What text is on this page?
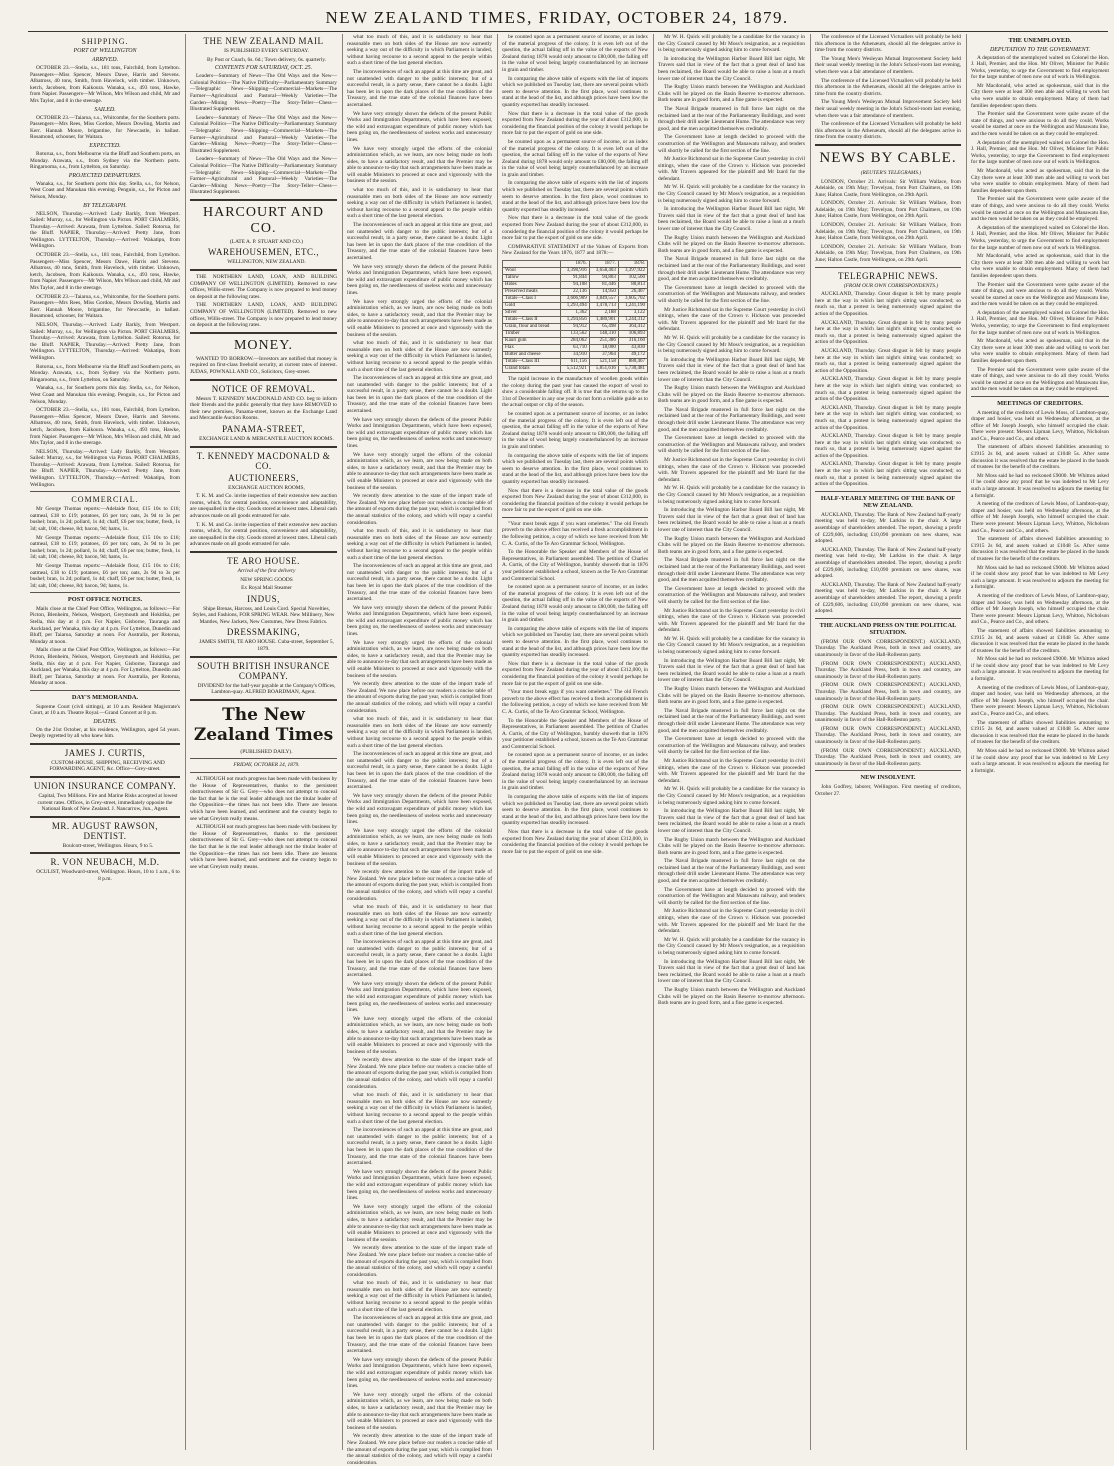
NEW ZEALAND TIMES, FRIDAY, OCTOBER 24, 1879.
SHIPPING.
PORT OF WELLINGTON
ARRIVED.

OCTOBER 23.—Stella, s.s., 181 tons, Fairchild, from Lyttelton. Passengers—Miss Spencer, Messrs Dawe, Harris and Stevens. Albatross, 40 tons, Smith, from Havelock, with timber. Unknown, ketch, Jacobsen, from Kaikoura. Wanaka, s.s., 493 tons, Hawke, from Napier. Passengers—Mr Wilson, Mrs Wilson and child, Mr and Mrs Taylor, and 8 in the steerage.

SAILED.

OCTOBER 23.—Taiaroa, s.s., Whitcombe, for the Southern ports. Passengers—Mrs Rees, Miss Gordon, Messrs Dowling, Martin and Kerr. Hannah Moore, brigantine, for Newcastle, in ballast. Rosamond, schooner, for Waitara.

EXPECTED.

Rotorua, s.s., from Melbourne via the Bluff and Southern ports, on Monday. Arawata, s.s., from Sydney via the Northern ports. Ringarooma, s.s., from Lyttelton, on Saturday.

PROJECTED DEPARTURES.

Wanaka, s.s., for Southern ports this day. Stella, s.s., for Nelson, West Coast and Manukau this evening. Penguin, s.s., for Picton and Nelson, Monday.

BY TELEGRAPH.

NELSON, Thursday.—Arrived: Lady Barkly, from Westport. Sailed: Murray, s.s., for Wellington via Picton. PORT CHALMERS, Thursday.—Arrived: Arawata, from Lyttelton. Sailed: Rotorua, for the Bluff. NAPIER, Thursday.—Arrived: Pretty Jane, from Wellington. LYTTELTON, Thursday.—Arrived: Wakatipu, from Wellington.

OCTOBER 23.—Stella, s.s., 181 tons, Fairchild, from Lyttelton. Passengers—Miss Spencer, Messrs Dawe, Harris and Stevens. Albatross, 40 tons, Smith, from Havelock, with timber. Unknown, ketch, Jacobsen, from Kaikoura. Wanaka, s.s., 493 tons, Hawke, from Napier. Passengers—Mr Wilson, Mrs Wilson and child, Mr and Mrs Taylor, and 8 in the steerage.

OCTOBER 23.—Taiaroa, s.s., Whitcombe, for the Southern ports. Passengers—Mrs Rees, Miss Gordon, Messrs Dowling, Martin and Kerr. Hannah Moore, brigantine, for Newcastle, in ballast. Rosamond, schooner, for Waitara.

NELSON, Thursday.—Arrived: Lady Barkly, from Westport. Sailed: Murray, s.s., for Wellington via Picton. PORT CHALMERS, Thursday.—Arrived: Arawata, from Lyttelton. Sailed: Rotorua, for the Bluff. NAPIER, Thursday.—Arrived: Pretty Jane, from Wellington. LYTTELTON, Thursday.—Arrived: Wakatipu, from Wellington.

Rotorua, s.s., from Melbourne via the Bluff and Southern ports, on Monday. Arawata, s.s., from Sydney via the Northern ports. Ringarooma, s.s., from Lyttelton, on Saturday.

Wanaka, s.s., for Southern ports this day. Stella, s.s., for Nelson, West Coast and Manukau this evening. Penguin, s.s., for Picton and Nelson, Monday.

OCTOBER 23.—Stella, s.s., 181 tons, Fairchild, from Lyttelton. Passengers—Miss Spencer, Messrs Dawe, Harris and Stevens. Albatross, 40 tons, Smith, from Havelock, with timber. Unknown, ketch, Jacobsen, from Kaikoura. Wanaka, s.s., 493 tons, Hawke, from Napier. Passengers—Mr Wilson, Mrs Wilson and child, Mr and Mrs Taylor, and 8 in the steerage.

NELSON, Thursday.—Arrived: Lady Barkly, from Westport. Sailed: Murray, s.s., for Wellington via Picton. PORT CHALMERS, Thursday.—Arrived: Arawata, from Lyttelton. Sailed: Rotorua, for the Bluff. NAPIER, Thursday.—Arrived: Pretty Jane, from Wellington. LYTTELTON, Thursday.—Arrived: Wakatipu, from Wellington.

COMMERCIAL.

Mr George Thomas reports:—Adelaide flour, £15 10s to £16; oatmeal, £18 to £19; potatoes, £6 per ton; oats, 2s 9d to 3s per bushel; bran, 1s 2d; pollard, 1s 4d; chaff, £6 per ton; butter, fresh, 1s 3d; salt, 10d; cheese, 8d; bacon, 9d; hams, 1s.

Mr George Thomas reports:—Adelaide flour, £15 10s to £16; oatmeal, £18 to £19; potatoes, £6 per ton; oats, 2s 9d to 3s per bushel; bran, 1s 2d; pollard, 1s 4d; chaff, £6 per ton; butter, fresh, 1s 3d; salt, 10d; cheese, 8d; bacon, 9d; hams, 1s.

Mr George Thomas reports:—Adelaide flour, £15 10s to £16; oatmeal, £18 to £19; potatoes, £6 per ton; oats, 2s 9d to 3s per bushel; bran, 1s 2d; pollard, 1s 4d; chaff, £6 per ton; butter, fresh, 1s 3d; salt, 10d; cheese, 8d; bacon, 9d; hams, 1s.

POST OFFICE NOTICES.

Mails close at the Chief Post Office, Wellington, as follows:—For Picton, Blenheim, Nelson, Westport, Greymouth and Hokitika, per Stella, this day at 4 p.m. For Napier, Gisborne, Tauranga and Auckland, per Wanaka, this day at 4 p.m. For Lyttelton, Dunedin and Bluff, per Taiaroa, Saturday at noon. For Australia, per Rotorua, Monday at noon.

Mails close at the Chief Post Office, Wellington, as follows:—For Picton, Blenheim, Nelson, Westport, Greymouth and Hokitika, per Stella, this day at 4 p.m. For Napier, Gisborne, Tauranga and Auckland, per Wanaka, this day at 4 p.m. For Lyttelton, Dunedin and Bluff, per Taiaroa, Saturday at noon. For Australia, per Rotorua, Monday at noon.

DAY'S MEMORANDA.

Supreme Court (civil sittings), at 10 a.m. Resident Magistrate's Court, at 10 a.m. Theatre Royal.—Grand Concert at 8 p.m.

DEATHS.

On the 21st October, at his residence, Wellington, aged 54 years. Deeply regretted by all who knew him.

JAMES J. CURTIS,

CUSTOM-HOUSE, SHIPPING, RECEIVING AND FORWARDING AGENT, &c. Office—Grey-street.

UNION INSURANCE COMPANY.

Capital, Two Millions. Fire and Marine Risks accepted at lowest current rates. Offices, in Grey-street, immediately opposite the National Bank of New Zealand. J. Nancarrow, Jun., Agent.

MR. AUGUST RAWSON, DENTIST.

Boulcott-street, Wellington. Hours, 9 to 5.

R. VON NEUBACH, M.D.

OCULIST, Woodward-street, Wellington. Hours, 10 to 1 a.m., 6 to 8 p.m.

THE NEW ZEALAND MAIL

IS PUBLISHED EVERY SATURDAY.

By Post or Coach, 6s. 6d.; Town delivery, 6s. quarterly.

CONTENTS FOR SATURDAY, OCT. 25.

Leaders—Summary of News—The Old Ways and the New—Colonial Politics—The Native Difficulty—Parliamentary Summary—Telegraphic News—Shipping—Commercial—Markets—The Farmer—Agricultural and Pastoral—Weekly Varieties—The Garden—Mining News—Poetry—The Story-Teller—Chess—Illustrated Supplement.

Leaders—Summary of News—The Old Ways and the New—Colonial Politics—The Native Difficulty—Parliamentary Summary—Telegraphic News—Shipping—Commercial—Markets—The Farmer—Agricultural and Pastoral—Weekly Varieties—The Garden—Mining News—Poetry—The Story-Teller—Chess—Illustrated Supplement.

Leaders—Summary of News—The Old Ways and the New—Colonial Politics—The Native Difficulty—Parliamentary Summary—Telegraphic News—Shipping—Commercial—Markets—The Farmer—Agricultural and Pastoral—Weekly Varieties—The Garden—Mining News—Poetry—The Story-Teller—Chess—Illustrated Supplement.

HARCOURT AND CO.

(LATE A. P. STUART AND CO.)

WAREHOUSEMEN, ETC.,

WELLINGTON, NEW ZEALAND.

THE NORTHERN LAND, LOAN, AND BUILDING COMPANY OF WELLINGTON (LIMITED). Removed to new offices, Willis-street. The Company is now prepared to lend money on deposit at the following rates.

THE NORTHERN LAND, LOAN, AND BUILDING COMPANY OF WELLINGTON (LIMITED). Removed to new offices, Willis-street. The Company is now prepared to lend money on deposit at the following rates.

MONEY.

WANTED TO BORROW.—Investors are notified that money is required on first-class freehold security, at current rates of interest. JUDAS, POWNALL AND CO., Solicitors, Grey-street.

NOTICE OF REMOVAL.

Messrs T. KENNEDY MACDONALD AND CO. beg to inform their friends and the public generally that they have REMOVED to their new premises, Panama-street, known as the Exchange Land and Mercantile Auction Rooms.

PANAMA-STREET,

EXCHANGE LAND & MERCANTILE AUCTION ROOMS.

T. KENNEDY MACDONALD & CO.
AUCTIONEERS,

EXCHANGE AUCTION ROOMS,

T. K. M. and Co. invite inspection of their extensive new auction rooms, which, for central position, convenience and adaptability, are unequalled in the city. Goods stored at lowest rates. Liberal cash advances made on all goods entrusted for sale.

T. K. M. and Co. invite inspection of their extensive new auction rooms, which, for central position, convenience and adaptability, are unequalled in the city. Goods stored at lowest rates. Liberal cash advances made on all goods entrusted for sale.

TE ARO HOUSE.

Arrival of the first delivery

NEW SPRING GOODS

Ex Royal Mail Steamer

INDUS,

Shipe Brenas, Harcoss, and Louis Cord. Special Novelties, Styles, and Fashions, FOR SPRING WEAR. New Millinery, New Mantles, New Jackets, New Costumes, New Dress Fabrics.

DRESSMAKING,

JAMES SMITH, TE ARO HOUSE. Cuba-street, September 5, 1879.

SOUTH BRITISH INSURANCE COMPANY.

DIVIDEND for the half-year payable at the Company's Offices, Lambton-quay. ALFRED BOARDMAN, Agent.

The New Zealand Times

(PUBLISHED DAILY).

FRIDAY, OCTOBER 24, 1879.

ALTHOUGH not much progress has been made with business by the House of Representatives, thanks to the persistent obstructiveness of Sir G. Grey—who does not attempt to conceal the fact that he is the real leader although not the titular leader of the Opposition—the times has not been idle. There are lessons which have been learned, and sentiment and the country begin to see what Greyism really means.

ALTHOUGH not much progress has been made with business by the House of Representatives, thanks to the persistent obstructiveness of Sir G. Grey—who does not attempt to conceal the fact that he is the real leader although not the titular leader of the Opposition—the times has not been idle. There are lessons which have been learned, and sentiment and the country begin to see what Greyism really means.

what too much of this, and it is satisfactory to hear that reasonable men on both sides of the House are now earnestly seeking a way out of the difficulty in which Parliament is landed, without having recourse to a second appeal to the people within such a short time of the last general election.

The inconveniences of such an appeal at this time are great, and not unattended with danger to the public interests; but of a successful result, in a party sense, there cannot be a doubt. Light has been let in upon the dark places of the true condition of the Treasury, and the true state of the colonial finances have been ascertained.

We have very strongly shown the defects of the present Public Works and Immigration Departments, which have been exposed, the wild and extravagant expenditure of public money which has been going on, the needlessness of useless works and unnecessary lines.

We have very strongly urged the efforts of the colonial administration which, as we learn, are now being made on both sides, to have a satisfactory result, and that the Premier may be able to announce to-day that such arrangements have been made as will enable Ministers to proceed at once and vigorously with the business of the session.

what too much of this, and it is satisfactory to hear that reasonable men on both sides of the House are now earnestly seeking a way out of the difficulty in which Parliament is landed, without having recourse to a second appeal to the people within such a short time of the last general election.

The inconveniences of such an appeal at this time are great, and not unattended with danger to the public interests; but of a successful result, in a party sense, there cannot be a doubt. Light has been let in upon the dark places of the true condition of the Treasury, and the true state of the colonial finances have been ascertained.

We have very strongly shown the defects of the present Public Works and Immigration Departments, which have been exposed, the wild and extravagant expenditure of public money which has been going on, the needlessness of useless works and unnecessary lines.

We have very strongly urged the efforts of the colonial administration which, as we learn, are now being made on both sides, to have a satisfactory result, and that the Premier may be able to announce to-day that such arrangements have been made as will enable Ministers to proceed at once and vigorously with the business of the session.

what too much of this, and it is satisfactory to hear that reasonable men on both sides of the House are now earnestly seeking a way out of the difficulty in which Parliament is landed, without having recourse to a second appeal to the people within such a short time of the last general election.

The inconveniences of such an appeal at this time are great, and not unattended with danger to the public interests; but of a successful result, in a party sense, there cannot be a doubt. Light has been let in upon the dark places of the true condition of the Treasury, and the true state of the colonial finances have been ascertained.

We have very strongly shown the defects of the present Public Works and Immigration Departments, which have been exposed, the wild and extravagant expenditure of public money which has been going on, the needlessness of useless works and unnecessary lines.

We have very strongly urged the efforts of the colonial administration which, as we learn, are now being made on both sides, to have a satisfactory result, and that the Premier may be able to announce to-day that such arrangements have been made as will enable Ministers to proceed at once and vigorously with the business of the session.

We recently drew attention to the state of the import trade of New Zealand. We now place before our readers a concise table of the amount of exports during the past year, which is compiled from the annual statistics of the colony, and which will repay a careful consideration.

what too much of this, and it is satisfactory to hear that reasonable men on both sides of the House are now earnestly seeking a way out of the difficulty in which Parliament is landed, without having recourse to a second appeal to the people within such a short time of the last general election.

The inconveniences of such an appeal at this time are great, and not unattended with danger to the public interests; but of a successful result, in a party sense, there cannot be a doubt. Light has been let in upon the dark places of the true condition of the Treasury, and the true state of the colonial finances have been ascertained.

We have very strongly shown the defects of the present Public Works and Immigration Departments, which have been exposed, the wild and extravagant expenditure of public money which has been going on, the needlessness of useless works and unnecessary lines.

We have very strongly urged the efforts of the colonial administration which, as we learn, are now being made on both sides, to have a satisfactory result, and that the Premier may be able to announce to-day that such arrangements have been made as will enable Ministers to proceed at once and vigorously with the business of the session.

We recently drew attention to the state of the import trade of New Zealand. We now place before our readers a concise table of the amount of exports during the past year, which is compiled from the annual statistics of the colony, and which will repay a careful consideration.

what too much of this, and it is satisfactory to hear that reasonable men on both sides of the House are now earnestly seeking a way out of the difficulty in which Parliament is landed, without having recourse to a second appeal to the people within such a short time of the last general election.

The inconveniences of such an appeal at this time are great, and not unattended with danger to the public interests; but of a successful result, in a party sense, there cannot be a doubt. Light has been let in upon the dark places of the true condition of the Treasury, and the true state of the colonial finances have been ascertained.

We have very strongly shown the defects of the present Public Works and Immigration Departments, which have been exposed, the wild and extravagant expenditure of public money which has been going on, the needlessness of useless works and unnecessary lines.

We have very strongly urged the efforts of the colonial administration which, as we learn, are now being made on both sides, to have a satisfactory result, and that the Premier may be able to announce to-day that such arrangements have been made as will enable Ministers to proceed at once and vigorously with the business of the session.

We recently drew attention to the state of the import trade of New Zealand. We now place before our readers a concise table of the amount of exports during the past year, which is compiled from the annual statistics of the colony, and which will repay a careful consideration.

what too much of this, and it is satisfactory to hear that reasonable men on both sides of the House are now earnestly seeking a way out of the difficulty in which Parliament is landed, without having recourse to a second appeal to the people within such a short time of the last general election.

The inconveniences of such an appeal at this time are great, and not unattended with danger to the public interests; but of a successful result, in a party sense, there cannot be a doubt. Light has been let in upon the dark places of the true condition of the Treasury, and the true state of the colonial finances have been ascertained.

We have very strongly shown the defects of the present Public Works and Immigration Departments, which have been exposed, the wild and extravagant expenditure of public money which has been going on, the needlessness of useless works and unnecessary lines.

We have very strongly urged the efforts of the colonial administration which, as we learn, are now being made on both sides, to have a satisfactory result, and that the Premier may be able to announce to-day that such arrangements have been made as will enable Ministers to proceed at once and vigorously with the business of the session.

We recently drew attention to the state of the import trade of New Zealand. We now place before our readers a concise table of the amount of exports during the past year, which is compiled from the annual statistics of the colony, and which will repay a careful consideration.

what too much of this, and it is satisfactory to hear that reasonable men on both sides of the House are now earnestly seeking a way out of the difficulty in which Parliament is landed, without having recourse to a second appeal to the people within such a short time of the last general election.

The inconveniences of such an appeal at this time are great, and not unattended with danger to the public interests; but of a successful result, in a party sense, there cannot be a doubt. Light has been let in upon the dark places of the true condition of the Treasury, and the true state of the colonial finances have been ascertained.

We have very strongly shown the defects of the present Public Works and Immigration Departments, which have been exposed, the wild and extravagant expenditure of public money which has been going on, the needlessness of useless works and unnecessary lines.

We have very strongly urged the efforts of the colonial administration which, as we learn, are now being made on both sides, to have a satisfactory result, and that the Premier may be able to announce to-day that such arrangements have been made as will enable Ministers to proceed at once and vigorously with the business of the session.

We recently drew attention to the state of the import trade of New Zealand. We now place before our readers a concise table of the amount of exports during the past year, which is compiled from the annual statistics of the colony, and which will repay a careful consideration.

what too much of this, and it is satisfactory to hear that reasonable men on both sides of the House are now earnestly seeking a way out of the difficulty in which Parliament is landed, without having recourse to a second appeal to the people within such a short time of the last general election.

The inconveniences of such an appeal at this time are great, and not unattended with danger to the public interests; but of a successful result, in a party sense, there cannot be a doubt. Light has been let in upon the dark places of the true condition of the Treasury, and the true state of the colonial finances have been ascertained.

We have very strongly shown the defects of the present Public Works and Immigration Departments, which have been exposed, the wild and extravagant expenditure of public money which has been going on, the needlessness of useless works and unnecessary lines.

We have very strongly urged the efforts of the colonial administration which, as we learn, are now being made on both sides, to have a satisfactory result, and that the Premier may be able to announce to-day that such arrangements have been made as will enable Ministers to proceed at once and vigorously with the business of the session.

We recently drew attention to the state of the import trade of New Zealand. We now place before our readers a concise table of the amount of exports during the past year, which is compiled from the annual statistics of the colony, and which will repay a careful consideration.

be counted upon as a permanent source of income, or an index of the material progress of the colony. It is even left out of the question, the actual falling off in the value of the exports of New Zealand during 1878 would only amount to £80,000, the falling off in the value of wool being largely counterbalanced by an increase in grain and timber.

In comparing the above table of exports with the list of imports which we published on Tuesday last, there are several points which seem to deserve attention. In the first place, wool continues to stand at the head of the list, and although prices have been low the quantity exported has steadily increased.

Now that there is a decrease in the total value of the goods exported from New Zealand during the year of about £312,000, in considering the financial position of the colony it would perhaps be more fair to put the export of gold on one side.

be counted upon as a permanent source of income, or an index of the material progress of the colony. It is even left out of the question, the actual falling off in the value of the exports of New Zealand during 1878 would only amount to £80,000, the falling off in the value of wool being largely counterbalanced by an increase in grain and timber.

In comparing the above table of exports with the list of imports which we published on Tuesday last, there are several points which seem to deserve attention. In the first place, wool continues to stand at the head of the list, and although prices have been low the quantity exported has steadily increased.

Now that there is a decrease in the total value of the goods exported from New Zealand during the year of about £312,000, in considering the financial position of the colony it would perhaps be more fair to put the export of gold on one side.

COMPARATIVE STATEMENT of the Values of Exports from New Zealand for the Years 1876, 1877 and 1878:—

	1876.	1877.	1878.
Wool	3,398,916	3,658,403	3,397,922
Tallow	91,844	94,803	102,560
Hides	94,108	81,446	80,813
Preserved meats	22,136	14,950	26,407
Totals—Class I	3,606,909	3,849,557	3,605,702
Gold	1,293,494	1,478,713	1,241,190
Silver	1,362	2,188	3,122
Totals—Class II	1,294,856	1,480,901	1,244,312
Grain, flour and bread	94,912	65,498	364,412
Timber	133,562	148,310	106,893
Kauri gum	284,062	251,386	316,160
Flax	63,710	18,000	43,830
Butter and cheese	34,910	37,964	49,172
Totals—Class III	611,156	521,158	880,467
Grand totals	5,512,921	5,851,616	5,730,481

The rapid increase in the manufacture of woollen goods within the colony during the past year has caused the export of wool to show a considerable falling off. It is true that the returns up to the 31st of December in any one year do not form a reliable guide as to the actual output or clip of the season.

be counted upon as a permanent source of income, or an index of the material progress of the colony. It is even left out of the question, the actual falling off in the value of the exports of New Zealand during 1878 would only amount to £80,000, the falling off in the value of wool being largely counterbalanced by an increase in grain and timber.

In comparing the above table of exports with the list of imports which we published on Tuesday last, there are several points which seem to deserve attention. In the first place, wool continues to stand at the head of the list, and although prices have been low the quantity exported has steadily increased.

Now that there is a decrease in the total value of the goods exported from New Zealand during the year of about £312,000, in considering the financial position of the colony it would perhaps be more fair to put the export of gold on one side.

"Your most break eggs if you want omelettes." The old French proverb to the above effect has received a fresh accomplishment in the following petition, a copy of which we have received from Mr C. A. Curtis, of the Te Aro Grammar School, Wellington.

To the Honorable the Speaker and Members of the House of Representatives, in Parliament assembled. The petition of Charles A. Curtis, of the City of Wellington, humbly showeth that in 1876 your petitioner established a school, known as the Te Aro Grammar and Commercial School.

be counted upon as a permanent source of income, or an index of the material progress of the colony. It is even left out of the question, the actual falling off in the value of the exports of New Zealand during 1878 would only amount to £80,000, the falling off in the value of wool being largely counterbalanced by an increase in grain and timber.

In comparing the above table of exports with the list of imports which we published on Tuesday last, there are several points which seem to deserve attention. In the first place, wool continues to stand at the head of the list, and although prices have been low the quantity exported has steadily increased.

Now that there is a decrease in the total value of the goods exported from New Zealand during the year of about £312,000, in considering the financial position of the colony it would perhaps be more fair to put the export of gold on one side.

"Your most break eggs if you want omelettes." The old French proverb to the above effect has received a fresh accomplishment in the following petition, a copy of which we have received from Mr C. A. Curtis, of the Te Aro Grammar School, Wellington.

To the Honorable the Speaker and Members of the House of Representatives, in Parliament assembled. The petition of Charles A. Curtis, of the City of Wellington, humbly showeth that in 1876 your petitioner established a school, known as the Te Aro Grammar and Commercial School.

be counted upon as a permanent source of income, or an index of the material progress of the colony. It is even left out of the question, the actual falling off in the value of the exports of New Zealand during 1878 would only amount to £80,000, the falling off in the value of wool being largely counterbalanced by an increase in grain and timber.

In comparing the above table of exports with the list of imports which we published on Tuesday last, there are several points which seem to deserve attention. In the first place, wool continues to stand at the head of the list, and although prices have been low the quantity exported has steadily increased.

Now that there is a decrease in the total value of the goods exported from New Zealand during the year of about £312,000, in considering the financial position of the colony it would perhaps be more fair to put the export of gold on one side.

Mr W. H. Quick will probably be a candidate for the vacancy in the City Council caused by Mr Moss's resignation, as a requisition is being numerously signed asking him to come forward.

In introducing the Wellington Harbor Board Bill last night, Mr Travers said that in view of the fact that a great deal of land has been reclaimed, the Board would be able to raise a loan at a much lower rate of interest than the City Council.

The Rugby Union match between the Wellington and Auckland Clubs will be played on the Basin Reserve to-morrow afternoon. Both teams are in good form, and a fine game is expected.

The Naval Brigade mustered in full force last night on the reclaimed land at the rear of the Parliamentary Buildings, and went through their drill under Lieutenant Hume. The attendance was very good, and the men acquitted themselves creditably.

The Government have at length decided to proceed with the construction of the Wellington and Manawatu railway, and tenders will shortly be called for the first section of the line.

Mr Justice Richmond sat in the Supreme Court yesterday in civil sittings, when the case of the Crown v. Hickson was proceeded with. Mr Travers appeared for the plaintiff and Mr Izard for the defendant.

Mr W. H. Quick will probably be a candidate for the vacancy in the City Council caused by Mr Moss's resignation, as a requisition is being numerously signed asking him to come forward.

In introducing the Wellington Harbor Board Bill last night, Mr Travers said that in view of the fact that a great deal of land has been reclaimed, the Board would be able to raise a loan at a much lower rate of interest than the City Council.

The Rugby Union match between the Wellington and Auckland Clubs will be played on the Basin Reserve to-morrow afternoon. Both teams are in good form, and a fine game is expected.

The Naval Brigade mustered in full force last night on the reclaimed land at the rear of the Parliamentary Buildings, and went through their drill under Lieutenant Hume. The attendance was very good, and the men acquitted themselves creditably.

The Government have at length decided to proceed with the construction of the Wellington and Manawatu railway, and tenders will shortly be called for the first section of the line.

Mr Justice Richmond sat in the Supreme Court yesterday in civil sittings, when the case of the Crown v. Hickson was proceeded with. Mr Travers appeared for the plaintiff and Mr Izard for the defendant.

Mr W. H. Quick will probably be a candidate for the vacancy in the City Council caused by Mr Moss's resignation, as a requisition is being numerously signed asking him to come forward.

In introducing the Wellington Harbor Board Bill last night, Mr Travers said that in view of the fact that a great deal of land has been reclaimed, the Board would be able to raise a loan at a much lower rate of interest than the City Council.

The Rugby Union match between the Wellington and Auckland Clubs will be played on the Basin Reserve to-morrow afternoon. Both teams are in good form, and a fine game is expected.

The Naval Brigade mustered in full force last night on the reclaimed land at the rear of the Parliamentary Buildings, and went through their drill under Lieutenant Hume. The attendance was very good, and the men acquitted themselves creditably.

The Government have at length decided to proceed with the construction of the Wellington and Manawatu railway, and tenders will shortly be called for the first section of the line.

Mr Justice Richmond sat in the Supreme Court yesterday in civil sittings, when the case of the Crown v. Hickson was proceeded with. Mr Travers appeared for the plaintiff and Mr Izard for the defendant.

Mr W. H. Quick will probably be a candidate for the vacancy in the City Council caused by Mr Moss's resignation, as a requisition is being numerously signed asking him to come forward.

In introducing the Wellington Harbor Board Bill last night, Mr Travers said that in view of the fact that a great deal of land has been reclaimed, the Board would be able to raise a loan at a much lower rate of interest than the City Council.

The Rugby Union match between the Wellington and Auckland Clubs will be played on the Basin Reserve to-morrow afternoon. Both teams are in good form, and a fine game is expected.

The Naval Brigade mustered in full force last night on the reclaimed land at the rear of the Parliamentary Buildings, and went through their drill under Lieutenant Hume. The attendance was very good, and the men acquitted themselves creditably.

The Government have at length decided to proceed with the construction of the Wellington and Manawatu railway, and tenders will shortly be called for the first section of the line.

Mr Justice Richmond sat in the Supreme Court yesterday in civil sittings, when the case of the Crown v. Hickson was proceeded with. Mr Travers appeared for the plaintiff and Mr Izard for the defendant.

Mr W. H. Quick will probably be a candidate for the vacancy in the City Council caused by Mr Moss's resignation, as a requisition is being numerously signed asking him to come forward.

In introducing the Wellington Harbor Board Bill last night, Mr Travers said that in view of the fact that a great deal of land has been reclaimed, the Board would be able to raise a loan at a much lower rate of interest than the City Council.

The Rugby Union match between the Wellington and Auckland Clubs will be played on the Basin Reserve to-morrow afternoon. Both teams are in good form, and a fine game is expected.

The Naval Brigade mustered in full force last night on the reclaimed land at the rear of the Parliamentary Buildings, and went through their drill under Lieutenant Hume. The attendance was very good, and the men acquitted themselves creditably.

The Government have at length decided to proceed with the construction of the Wellington and Manawatu railway, and tenders will shortly be called for the first section of the line.

Mr Justice Richmond sat in the Supreme Court yesterday in civil sittings, when the case of the Crown v. Hickson was proceeded with. Mr Travers appeared for the plaintiff and Mr Izard for the defendant.

Mr W. H. Quick will probably be a candidate for the vacancy in the City Council caused by Mr Moss's resignation, as a requisition is being numerously signed asking him to come forward.

In introducing the Wellington Harbor Board Bill last night, Mr Travers said that in view of the fact that a great deal of land has been reclaimed, the Board would be able to raise a loan at a much lower rate of interest than the City Council.

The Rugby Union match between the Wellington and Auckland Clubs will be played on the Basin Reserve to-morrow afternoon. Both teams are in good form, and a fine game is expected.

The Naval Brigade mustered in full force last night on the reclaimed land at the rear of the Parliamentary Buildings, and went through their drill under Lieutenant Hume. The attendance was very good, and the men acquitted themselves creditably.

The Government have at length decided to proceed with the construction of the Wellington and Manawatu railway, and tenders will shortly be called for the first section of the line.

Mr Justice Richmond sat in the Supreme Court yesterday in civil sittings, when the case of the Crown v. Hickson was proceeded with. Mr Travers appeared for the plaintiff and Mr Izard for the defendant.

Mr W. H. Quick will probably be a candidate for the vacancy in the City Council caused by Mr Moss's resignation, as a requisition is being numerously signed asking him to come forward.

In introducing the Wellington Harbor Board Bill last night, Mr Travers said that in view of the fact that a great deal of land has been reclaimed, the Board would be able to raise a loan at a much lower rate of interest than the City Council.

The Rugby Union match between the Wellington and Auckland Clubs will be played on the Basin Reserve to-morrow afternoon. Both teams are in good form, and a fine game is expected.

The conference of the Licensed Victuallers will probably be held this afternoon in the Athenæum, should all the delegates arrive in time from the country districts.

The Young Men's Wesleyan Mutual Improvement Society held their usual weekly meeting in the John's School-room last evening, when there was a fair attendance of members.

The conference of the Licensed Victuallers will probably be held this afternoon in the Athenæum, should all the delegates arrive in time from the country districts.

The Young Men's Wesleyan Mutual Improvement Society held their usual weekly meeting in the John's School-room last evening, when there was a fair attendance of members.

The conference of the Licensed Victuallers will probably be held this afternoon in the Athenæum, should all the delegates arrive in time from the country districts.

NEWS BY CABLE.

(REUTER'S TELEGRAMS.)

LONDON, October 21. Arrivals: Sir William Wallace, from Adelaide, on 19th May; Trevelyan, from Port Chalmers, on 19th June; Halton Castle, from Wellington, on 29th April.

LONDON, October 21. Arrivals: Sir William Wallace, from Adelaide, on 19th May; Trevelyan, from Port Chalmers, on 19th June; Halton Castle, from Wellington, on 29th April.

LONDON, October 21. Arrivals: Sir William Wallace, from Adelaide, on 19th May; Trevelyan, from Port Chalmers, on 19th June; Halton Castle, from Wellington, on 29th April.

LONDON, October 21. Arrivals: Sir William Wallace, from Adelaide, on 19th May; Trevelyan, from Port Chalmers, on 19th June; Halton Castle, from Wellington, on 29th April.

TELEGRAPHIC NEWS.

(FROM OUR OWN CORRESPONDENTS.)

AUCKLAND, Thursday. Great disgust is felt by many people here at the way in which last night's sitting was conducted; so much so, that a protest is being numerously signed against the action of the Opposition.

AUCKLAND, Thursday. Great disgust is felt by many people here at the way in which last night's sitting was conducted; so much so, that a protest is being numerously signed against the action of the Opposition.

AUCKLAND, Thursday. Great disgust is felt by many people here at the way in which last night's sitting was conducted; so much so, that a protest is being numerously signed against the action of the Opposition.

AUCKLAND, Thursday. Great disgust is felt by many people here at the way in which last night's sitting was conducted; so much so, that a protest is being numerously signed against the action of the Opposition.

AUCKLAND, Thursday. Great disgust is felt by many people here at the way in which last night's sitting was conducted; so much so, that a protest is being numerously signed against the action of the Opposition.

AUCKLAND, Thursday. Great disgust is felt by many people here at the way in which last night's sitting was conducted; so much so, that a protest is being numerously signed against the action of the Opposition.

AUCKLAND, Thursday. Great disgust is felt by many people here at the way in which last night's sitting was conducted; so much so, that a protest is being numerously signed against the action of the Opposition.

HALF-YEARLY MEETING OF THE BANK OF NEW ZEALAND.

AUCKLAND, Thursday. The Bank of New Zealand half-yearly meeting was held to-day, Mr Larkins in the chair. A large assemblage of shareholders attended. The report, showing a profit of £229,606, including £10,090 premium on new shares, was adopted.

AUCKLAND, Thursday. The Bank of New Zealand half-yearly meeting was held to-day, Mr Larkins in the chair. A large assemblage of shareholders attended. The report, showing a profit of £229,606, including £10,090 premium on new shares, was adopted.

AUCKLAND, Thursday. The Bank of New Zealand half-yearly meeting was held to-day, Mr Larkins in the chair. A large assemblage of shareholders attended. The report, showing a profit of £229,606, including £10,090 premium on new shares, was adopted.

THE AUCKLAND PRESS ON THE POLITICAL SITUATION.

(FROM OUR OWN CORRESPONDENT.) AUCKLAND, Thursday. The Auckland Press, both in town and country, are unanimously in favor of the Hall-Rolleston party.

(FROM OUR OWN CORRESPONDENT.) AUCKLAND, Thursday. The Auckland Press, both in town and country, are unanimously in favor of the Hall-Rolleston party.

(FROM OUR OWN CORRESPONDENT.) AUCKLAND, Thursday. The Auckland Press, both in town and country, are unanimously in favor of the Hall-Rolleston party.

(FROM OUR OWN CORRESPONDENT.) AUCKLAND, Thursday. The Auckland Press, both in town and country, are unanimously in favor of the Hall-Rolleston party.

(FROM OUR OWN CORRESPONDENT.) AUCKLAND, Thursday. The Auckland Press, both in town and country, are unanimously in favor of the Hall-Rolleston party.

(FROM OUR OWN CORRESPONDENT.) AUCKLAND, Thursday. The Auckland Press, both in town and country, are unanimously in favor of the Hall-Rolleston party.

NEW INSOLVENT.

John Godfrey, laborer, Wellington. First meeting of creditors, October 27.

THE UNEMPLOYED.
DEPUTATION TO THE GOVERNMENT.

A deputation of the unemployed waited on Colonel the Hon. J. Hall, Premier, and the Hon. Mr Oliver, Minister for Public Works, yesterday, to urge the Government to find employment for the large number of men now out of work in Wellington.

Mr Macdonald, who acted as spokesman, said that in the City there were at least 300 men able and willing to work but who were unable to obtain employment. Many of them had families dependent upon them.

The Premier said the Government were quite aware of the state of things, and were anxious to do all they could. Works would be started at once on the Wellington and Manawatu line, and the men would be taken on as they could be employed.

A deputation of the unemployed waited on Colonel the Hon. J. Hall, Premier, and the Hon. Mr Oliver, Minister for Public Works, yesterday, to urge the Government to find employment for the large number of men now out of work in Wellington.

Mr Macdonald, who acted as spokesman, said that in the City there were at least 300 men able and willing to work but who were unable to obtain employment. Many of them had families dependent upon them.

The Premier said the Government were quite aware of the state of things, and were anxious to do all they could. Works would be started at once on the Wellington and Manawatu line, and the men would be taken on as they could be employed.

A deputation of the unemployed waited on Colonel the Hon. J. Hall, Premier, and the Hon. Mr Oliver, Minister for Public Works, yesterday, to urge the Government to find employment for the large number of men now out of work in Wellington.

Mr Macdonald, who acted as spokesman, said that in the City there were at least 300 men able and willing to work but who were unable to obtain employment. Many of them had families dependent upon them.

The Premier said the Government were quite aware of the state of things, and were anxious to do all they could. Works would be started at once on the Wellington and Manawatu line, and the men would be taken on as they could be employed.

A deputation of the unemployed waited on Colonel the Hon. J. Hall, Premier, and the Hon. Mr Oliver, Minister for Public Works, yesterday, to urge the Government to find employment for the large number of men now out of work in Wellington.

Mr Macdonald, who acted as spokesman, said that in the City there were at least 300 men able and willing to work but who were unable to obtain employment. Many of them had families dependent upon them.

The Premier said the Government were quite aware of the state of things, and were anxious to do all they could. Works would be started at once on the Wellington and Manawatu line, and the men would be taken on as they could be employed.

MEETINGS OF CREDITORS.

A meeting of the creditors of Lewis Moss, of Lambton-quay, draper and hosier, was held on Wednesday afternoon, at the office of Mr Joseph Joseph, who himself occupied the chair. There were present: Messrs Lipman Levy, Whitton, Nicholson and Co., Pearce and Co., and others.

The statement of affairs showed liabilities amounting to £1915 2s 6d, and assets valued at £1048 5s. After some discussion it was resolved that the estate be placed in the hands of trustees for the benefit of the creditors.

Mr Moss said he had no reckoned £9000. Mr Whitton asked if he could show any proof that he was indebted to Mr Levy such a large amount. It was resolved to adjourn the meeting for a fortnight.

A meeting of the creditors of Lewis Moss, of Lambton-quay, draper and hosier, was held on Wednesday afternoon, at the office of Mr Joseph Joseph, who himself occupied the chair. There were present: Messrs Lipman Levy, Whitton, Nicholson and Co., Pearce and Co., and others.

The statement of affairs showed liabilities amounting to £1915 2s 6d, and assets valued at £1048 5s. After some discussion it was resolved that the estate be placed in the hands of trustees for the benefit of the creditors.

Mr Moss said he had no reckoned £9000. Mr Whitton asked if he could show any proof that he was indebted to Mr Levy such a large amount. It was resolved to adjourn the meeting for a fortnight.

A meeting of the creditors of Lewis Moss, of Lambton-quay, draper and hosier, was held on Wednesday afternoon, at the office of Mr Joseph Joseph, who himself occupied the chair. There were present: Messrs Lipman Levy, Whitton, Nicholson and Co., Pearce and Co., and others.

The statement of affairs showed liabilities amounting to £1915 2s 6d, and assets valued at £1048 5s. After some discussion it was resolved that the estate be placed in the hands of trustees for the benefit of the creditors.

Mr Moss said he had no reckoned £9000. Mr Whitton asked if he could show any proof that he was indebted to Mr Levy such a large amount. It was resolved to adjourn the meeting for a fortnight.

A meeting of the creditors of Lewis Moss, of Lambton-quay, draper and hosier, was held on Wednesday afternoon, at the office of Mr Joseph Joseph, who himself occupied the chair. There were present: Messrs Lipman Levy, Whitton, Nicholson and Co., Pearce and Co., and others.

The statement of affairs showed liabilities amounting to £1915 2s 6d, and assets valued at £1048 5s. After some discussion it was resolved that the estate be placed in the hands of trustees for the benefit of the creditors.

Mr Moss said he had no reckoned £9000. Mr Whitton asked if he could show any proof that he was indebted to Mr Levy such a large amount. It was resolved to adjourn the meeting for a fortnight.
